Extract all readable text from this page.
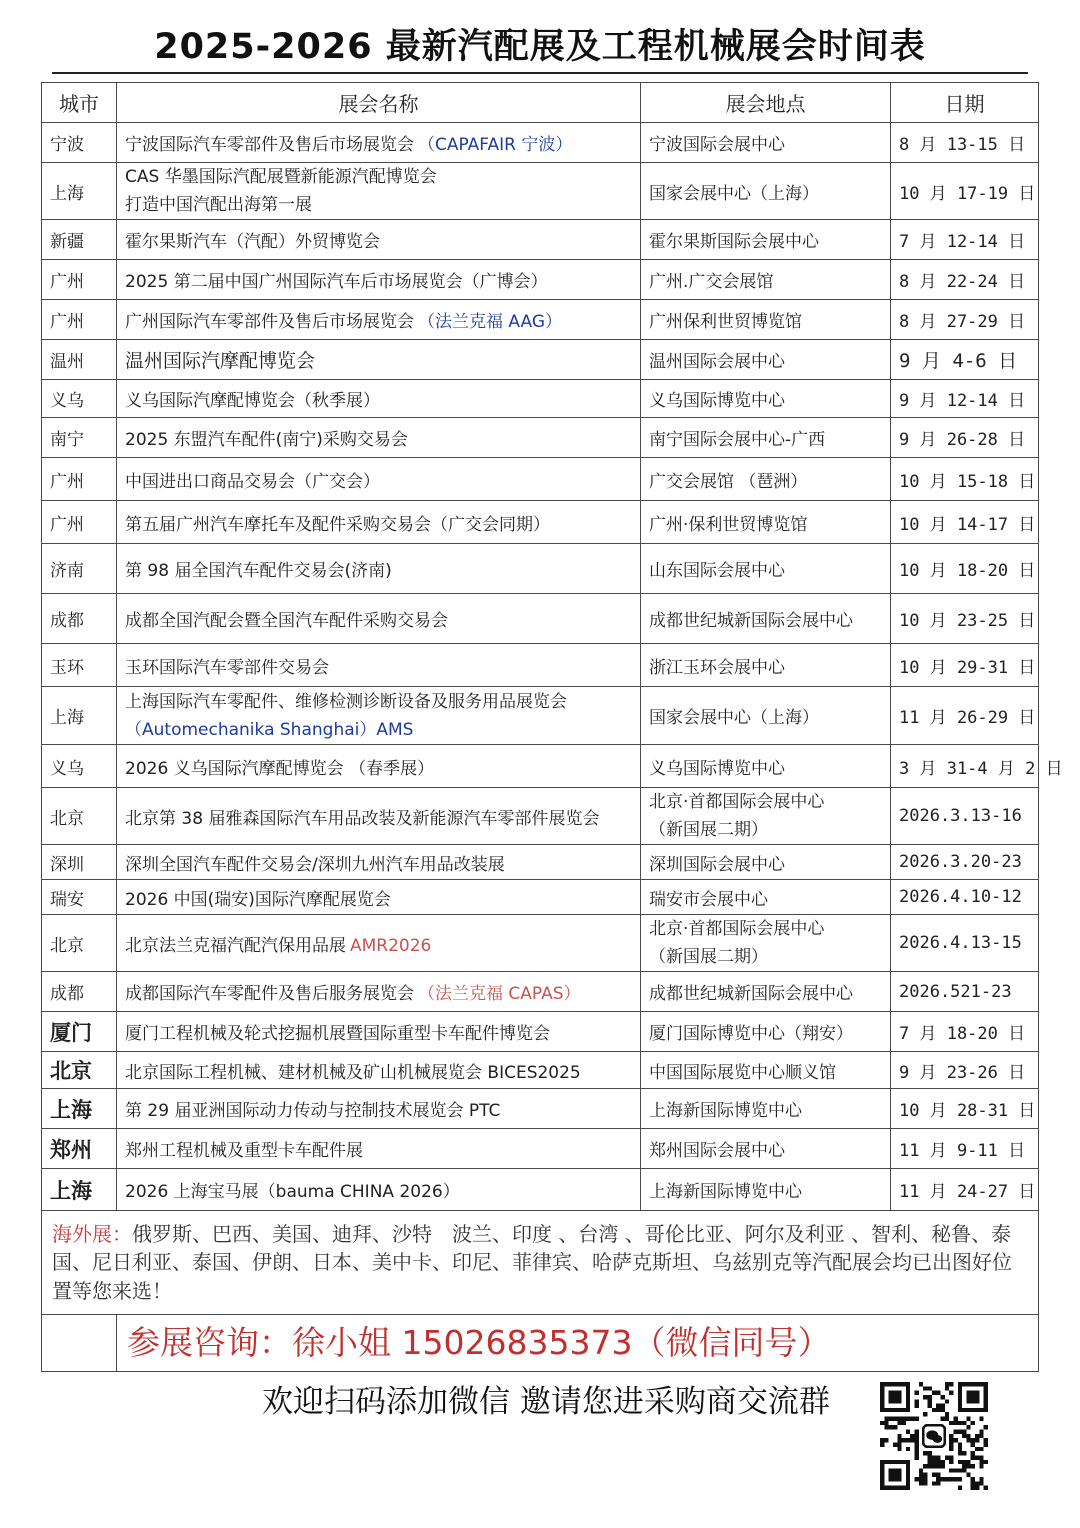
2025-2026 最新汽配展及工程机械展会时间表
城市	展会名称	展会地点	日期
宁波	宁波国际汽车零部件及售后市场展览会 （CAPAFAIR 宁波）	宁波国际会展中心	8 月 13-15 日
上海	CAS 华墨国际汽配展暨新能源汽配博览会
打造中国汽配出海第一展	国家会展中心（上海）	10 月 17-19 日
新疆	霍尔果斯汽车（汽配）外贸博览会	霍尔果斯国际会展中心	7 月 12-14 日
广州	2025 第二届中国广州国际汽车后市场展览会（广博会）	广州.广交会展馆	8 月 22-24 日
广州	广州国际汽车零部件及售后市场展览会 （法兰克福 AAG）	广州保利世贸博览馆	8 月 27-29 日
温州	温州国际汽摩配博览会	温州国际会展中心	9 月 4-6 日
义乌	义乌国际汽摩配博览会（秋季展）	义乌国际博览中心	9 月 12-14 日
南宁	2025 东盟汽车配件(南宁)采购交易会	南宁国际会展中心-广西	9 月 26-28 日
广州	中国进出口商品交易会（广交会）	广交会展馆 （琶洲）	10 月 15-18 日
广州	第五届广州汽车摩托车及配件采购交易会（广交会同期）	广州·保利世贸博览馆	10 月 14-17 日
济南	第 98 届全国汽车配件交易会(济南)	山东国际会展中心	10 月 18-20 日
成都	成都全国汽配会暨全国汽车配件采购交易会	成都世纪城新国际会展中心	10 月 23-25 日
玉环	玉环国际汽车零部件交易会	浙江玉环会展中心	10 月 29-31 日
上海	上海国际汽车零配件、维修检测诊断设备及服务用品展览会
（Automechanika Shanghai）AMS	国家会展中心（上海）	11 月 26-29 日
义乌	2026 义乌国际汽摩配博览会 （春季展）	义乌国际博览中心	3 月 31-4 月 2 日
北京	北京第 38 届雅森国际汽车用品改装及新能源汽车零部件展览会	北京·首都国际会展中心
（新国展二期）	2026.3.13-16
深圳	深圳全国汽车配件交易会/深圳九州汽车用品改装展	深圳国际会展中心	2026.3.20-23
瑞安	2026 中国(瑞安)国际汽摩配展览会	瑞安市会展中心	2026.4.10-12
北京	北京法兰克福汽配汽保用品展 AMR2026	北京·首都国际会展中心
（新国展二期）	2026.4.13-15
成都	成都国际汽车零配件及售后服务展览会 （法兰克福 CAPAS）	成都世纪城新国际会展中心	2026.521-23
厦门	厦门工程机械及轮式挖掘机展暨国际重型卡车配件博览会	厦门国际博览中心（翔安）	7 月 18-20 日
北京	北京国际工程机械、建材机械及矿山机械展览会 BICES2025	中国国际展览中心顺义馆	9 月 23-26 日
上海	第 29 届亚洲国际动力传动与控制技术展览会 PTC	上海新国际博览中心	10 月 28-31 日
郑州	郑州工程机械及重型卡车配件展	郑州国际会展中心	11 月 9-11 日
上海	2026 上海宝马展（bauma CHINA 2026）	上海新国际博览中心	11 月 24-27 日
海外展：俄罗斯、巴西、美国、迪拜、沙特　波兰、印度 、台湾 、哥伦比亚、阿尔及利亚 、智利、秘鲁、泰国、尼日利亚、泰国、伊朗、日本、美中卡、印尼、菲律宾、哈萨克斯坦、乌兹别克等汽配展会均已出图好位置等您来选！			
	参展咨询：徐小姐 15026835373（微信同号）		
欢迎扫码添加微信 邀请您进采购商交流群
